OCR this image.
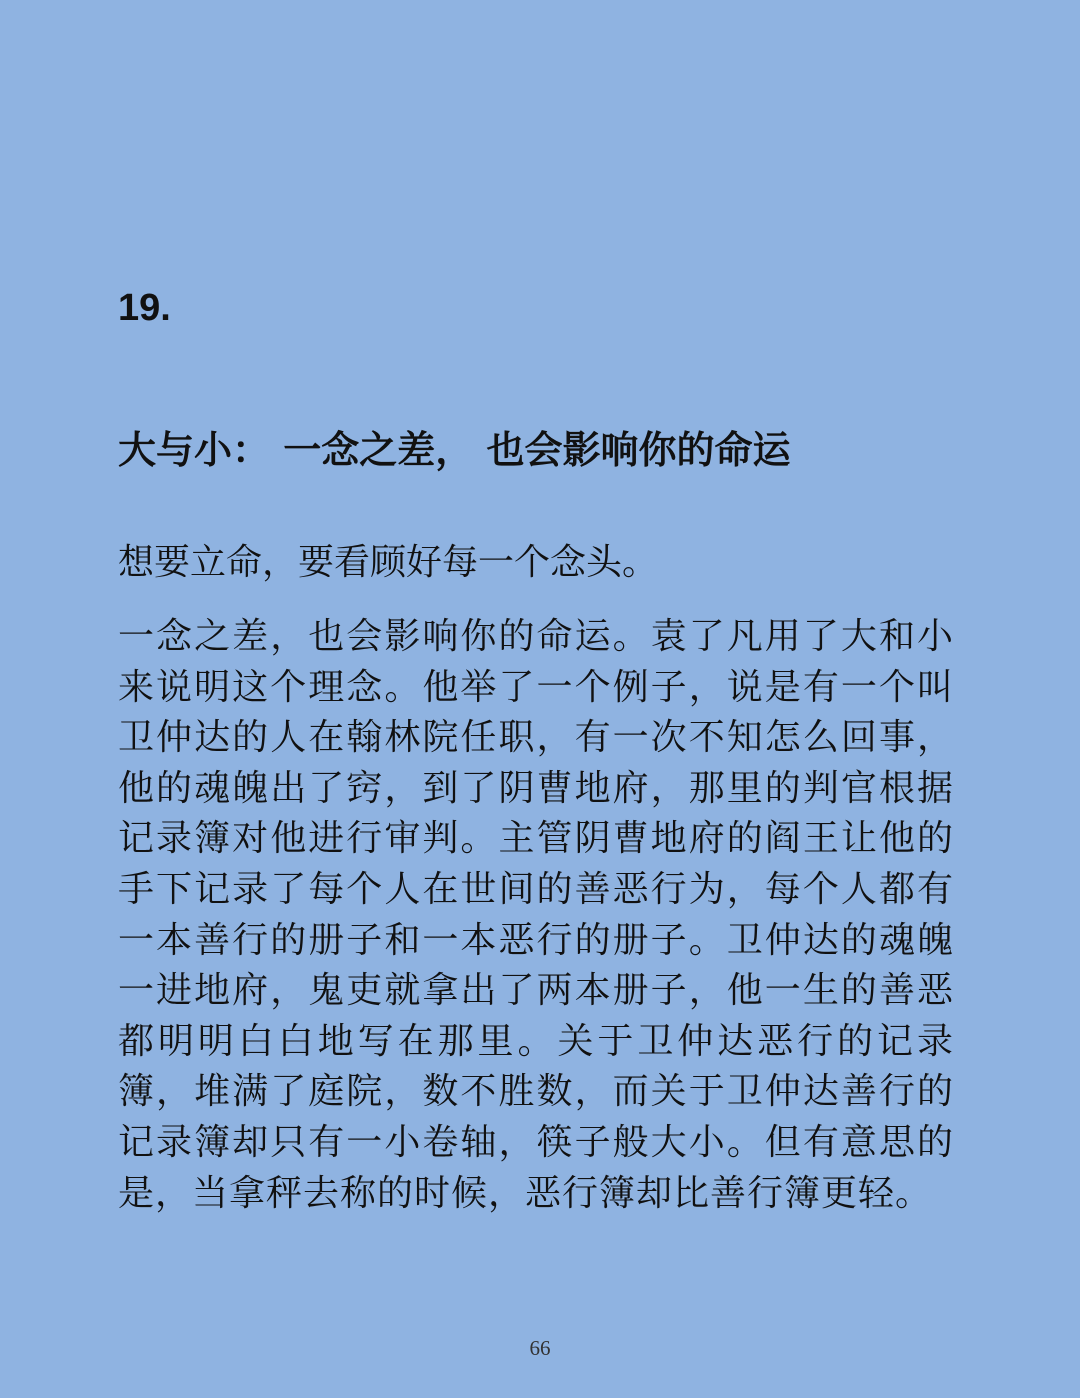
19.
大与小： 一念之差， 也会影响你的命运

想要立命，要看顾好每一个念头。

一念之差，也会影响你的命运。袁了凡用了大和小来说明这个理念。他举了一个例子，说是有一个叫卫仲达的人在翰林院任职，有一次不知怎么回事，他的魂魄出了窍，到了阴曹地府，那里的判官根据记录簿对他进行审判。主管阴曹地府的阎王让他的手下记录了每个人在世间的善恶行为，每个人都有一本善行的册子和一本恶行的册子。卫仲达的魂魄一进地府，鬼吏就拿出了两本册子，他一生的善恶都明明白白地写在那里。关于卫仲达恶行的记录簿，堆满了庭院，数不胜数，而关于卫仲达善行的记录簿却只有一小卷轴，筷子般大小。但有意思的是，当拿秤去称的时候，恶行簿却比善行簿更轻。

66
